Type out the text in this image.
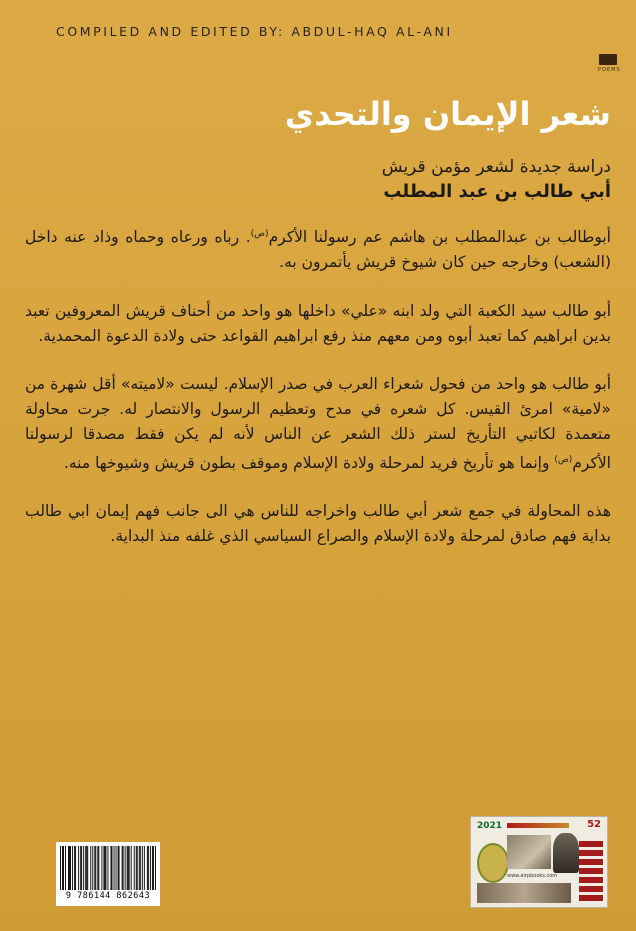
COMPILED AND EDITED BY: ABDUL-HAQ AL-ANI
POEMS
شعر الإيمان والتحدي
دراسة جديدة لشعر مؤمن قريش
أبي طالب بن عبد المطلب

أبوطالب بن عبدالمطلب بن هاشم عم رسولنا الأكرم$^{(ص)}$. رباه ورعاه وحماه وذاد عنه داخل (الشعب) وخارجه حين كان شيوخ قريش يأتمرون به.

أبو طالب سيد الكعبة التي ولد ابنه «علي» داخلها هو واحد من أحناف قريش المعروفين تعبد بدين ابراهيم كما تعبد أبوه ومن معهم منذ رفع ابراهيم القواعد حتى ولادة الدعوة المحمدية.

أبو طالب هو واحد من فحول شعراء العرب في صدر الإسلام. ليست «لاميته» أقل شهرة من «لامية» امرئ القيس. كل شعره في مدح وتعظيم الرسول والانتصار له. جرت محاولة متعمدة لكاتبي التأريخ لستر ذلك الشعر عن الناس لأنه لم يكن فقط مصدقا لرسولنا الأكرم$^{(ص)}$ وإنما هو تأريخ فريد لمرحلة ولادة الإسلام وموقف بطون قريش وشيوخها منه.

هذه المحاولة في جمع شعر أبي طالب واخراجه للناس هي الى جانب فهم إيمان ابي طالب بداية فهم صادق لمرحلة ولادة الإسلام والصراع السياسي الذي غلفه منذ البداية.

9 786144 862643
2021	52
www.airpbooks.com
